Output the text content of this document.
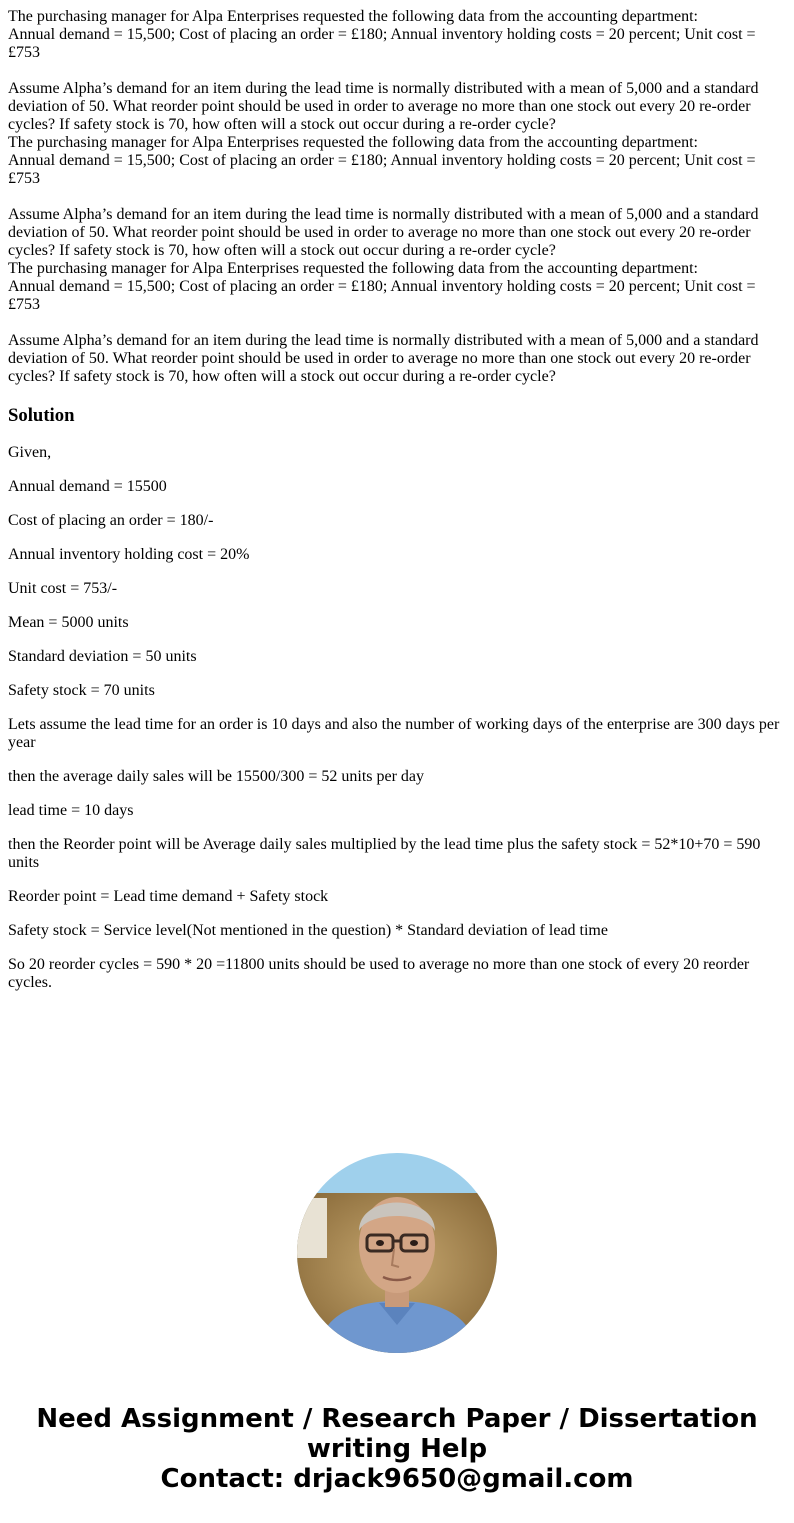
The purchasing manager for Alpa Enterprises requested the following data from the accounting department:

Annual demand = 15,500; Cost of placing an order = £180; Annual inventory holding costs = 20 percent; Unit cost = £753

Assume Alpha’s demand for an item during the lead time is normally distributed with a mean of 5,000 and a standard deviation of 50. What reorder point should be used in order to average no more than one stock out every 20 re-order cycles? If safety stock is 70, how often will a stock out occur during a re-order cycle?

The purchasing manager for Alpa Enterprises requested the following data from the accounting department:

Annual demand = 15,500; Cost of placing an order = £180; Annual inventory holding costs = 20 percent; Unit cost = £753

Assume Alpha’s demand for an item during the lead time is normally distributed with a mean of 5,000 and a standard deviation of 50. What reorder point should be used in order to average no more than one stock out every 20 re-order cycles? If safety stock is 70, how often will a stock out occur during a re-order cycle?

The purchasing manager for Alpa Enterprises requested the following data from the accounting department:

Annual demand = 15,500; Cost of placing an order = £180; Annual inventory holding costs = 20 percent; Unit cost = £753

Assume Alpha’s demand for an item during the lead time is normally distributed with a mean of 5,000 and a standard deviation of 50. What reorder point should be used in order to average no more than one stock out every 20 re-order cycles? If safety stock is 70, how often will a stock out occur during a re-order cycle?

Solution

Given,

Annual demand = 15500

Cost of placing an order = 180/-

Annual inventory holding cost = 20%

Unit cost = 753/-

Mean = 5000 units

Standard deviation = 50 units

Safety stock = 70 units

Lets assume the lead time for an order is 10 days and also the number of working days of the enterprise are 300 days per year

then the average daily sales will be 15500/300 = 52 units per day

lead time = 10 days

then the Reorder point will be Average daily sales multiplied by the lead time plus the safety stock = 52*10+70 = 590 units

Reorder point = Lead time demand + Safety stock

Safety stock = Service level(Not mentioned in the question) * Standard deviation of lead time

So 20 reorder cycles = 590 * 20 =11800 units should be used to average no more than one stock of every 20 reorder cycles.

Need Assignment / Research Paper / Dissertation writing Help

Contact: drjack9650@gmail.com
